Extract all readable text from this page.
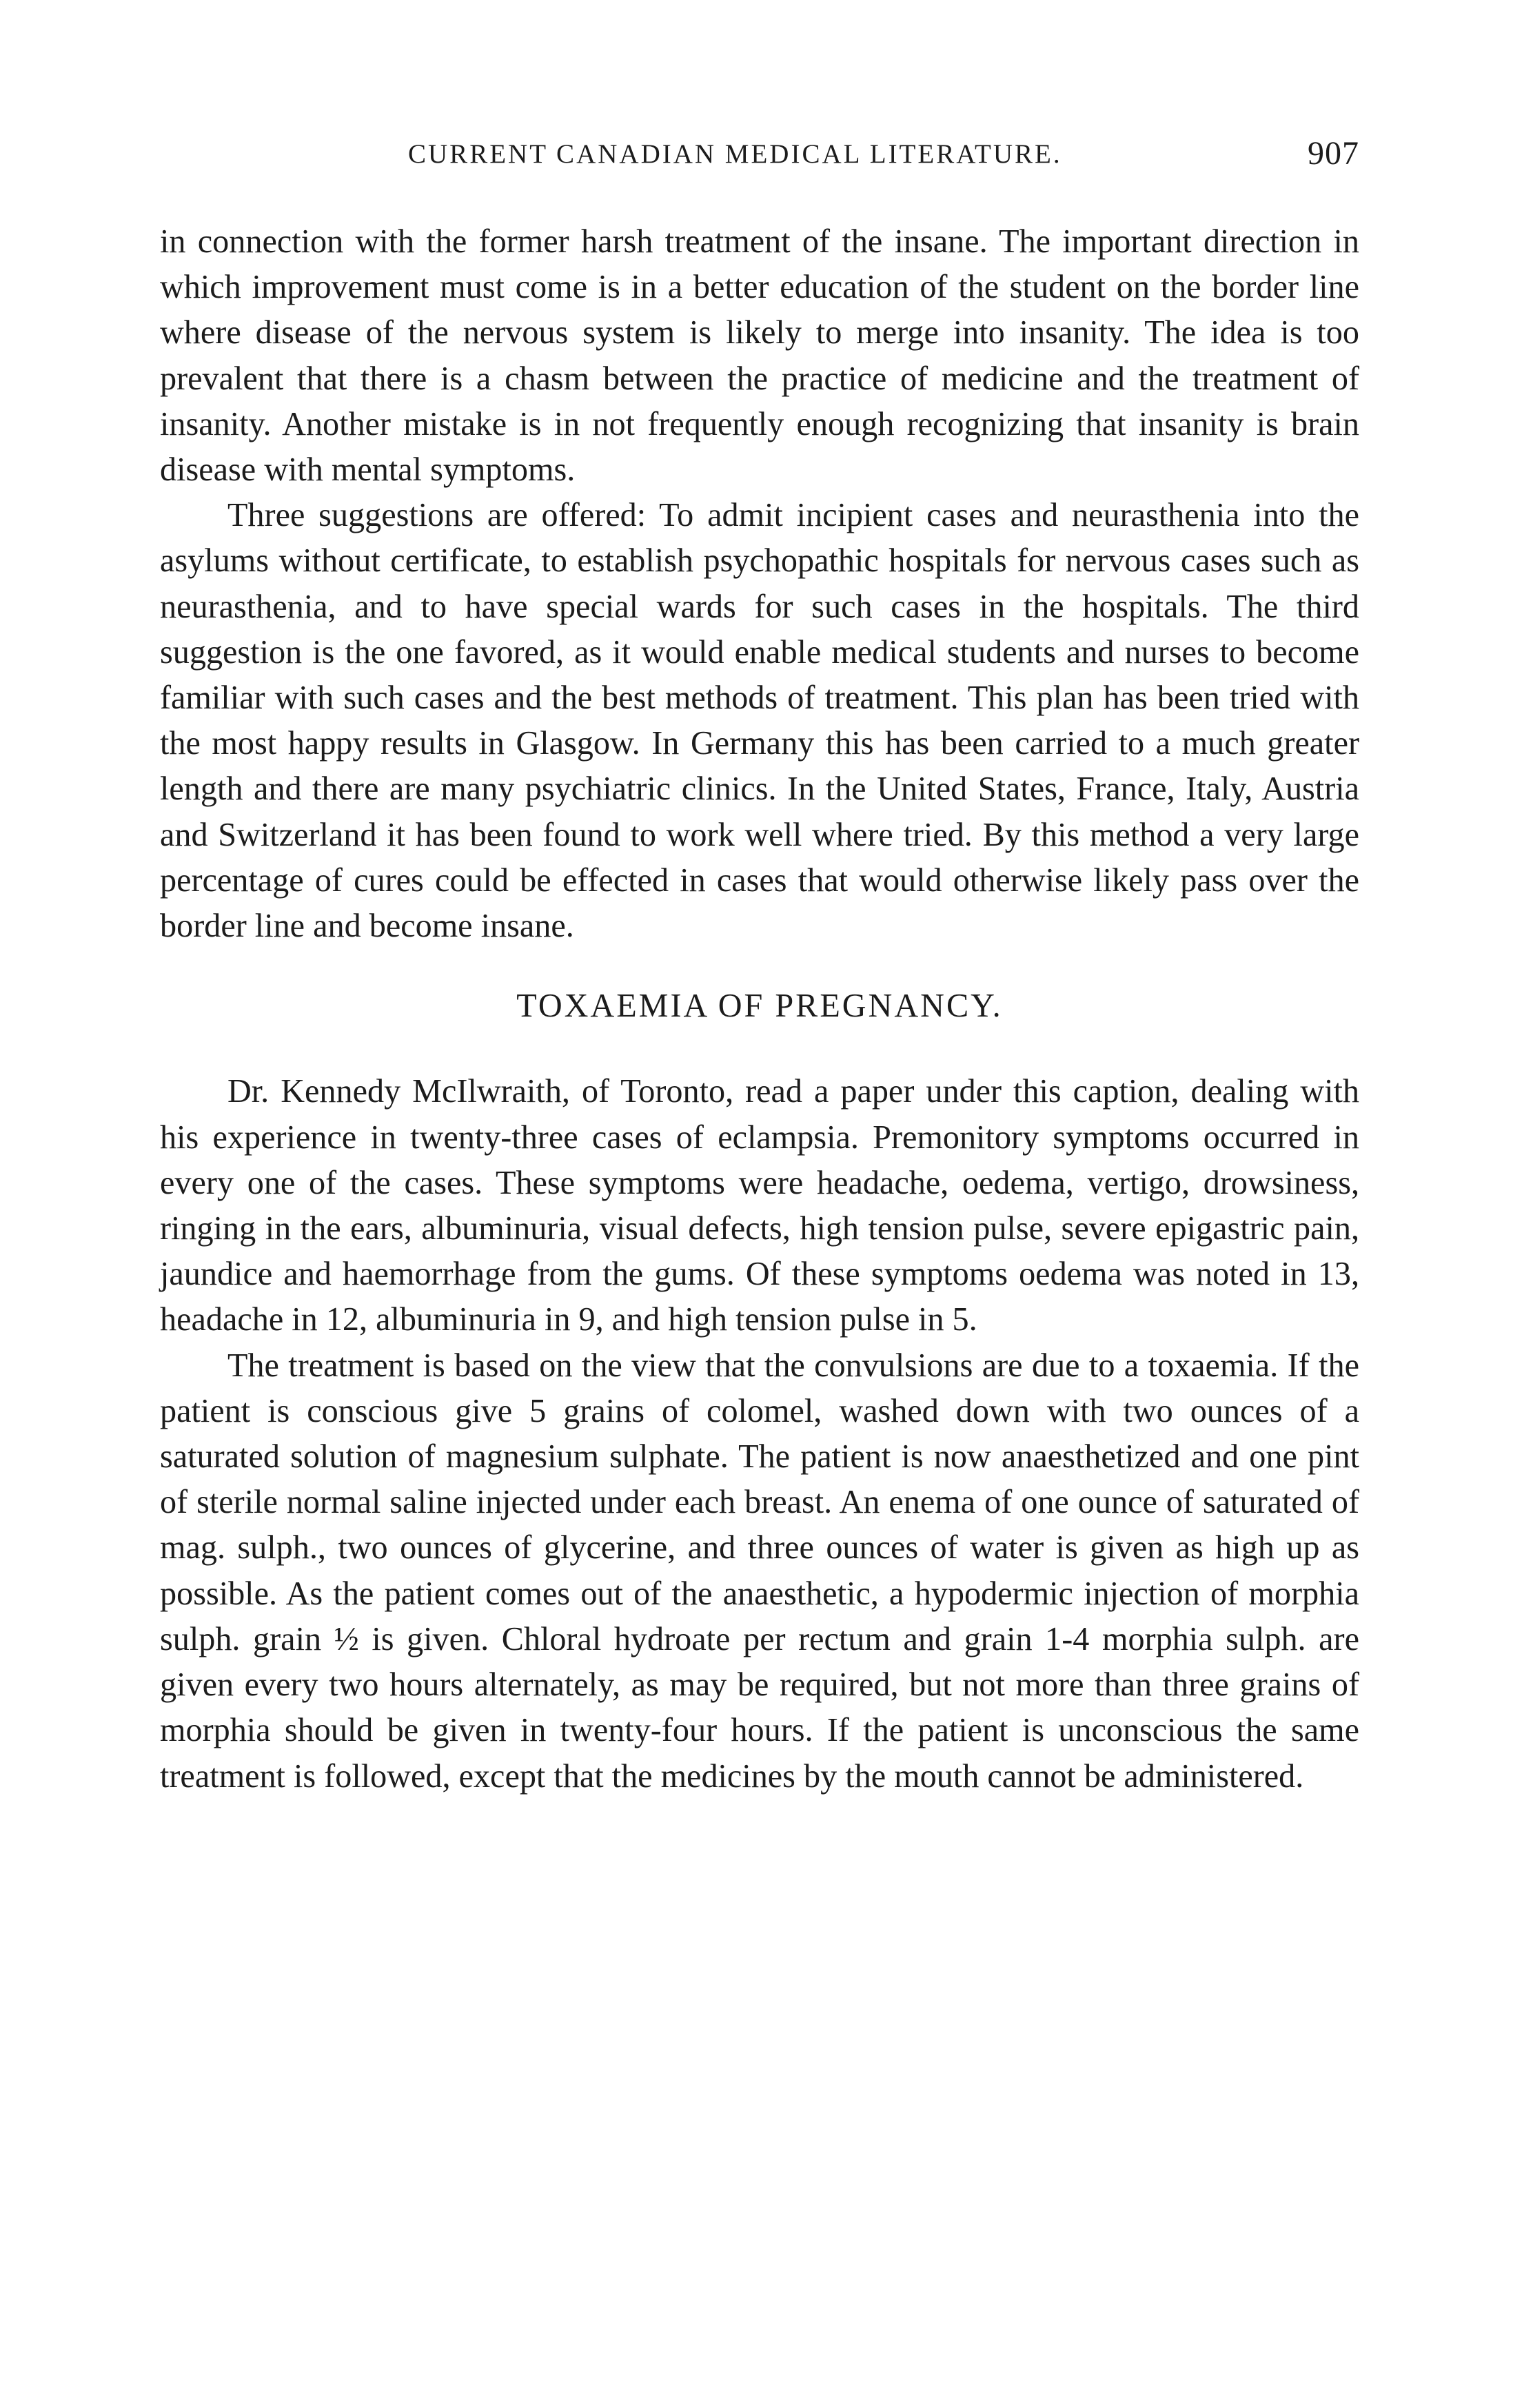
CURRENT CANADIAN MEDICAL LITERATURE.	907

in connection with the former harsh treatment of the insane. The important direction in which improvement must come is in a better education of the student on the border line where disease of the nervous system is likely to merge into insanity. The idea is too prevalent that there is a chasm between the practice of medicine and the treatment of insanity. Another mistake is in not frequently enough recognizing that insanity is brain disease with mental symptoms.

Three suggestions are offered: To admit incipient cases and neurasthenia into the asylums without certificate, to establish psychopathic hospitals for nervous cases such as neurasthenia, and to have special wards for such cases in the hospitals. The third suggestion is the one favored, as it would enable medical students and nurses to become familiar with such cases and the best methods of treatment. This plan has been tried with the most happy results in Glasgow. In Germany this has been carried to a much greater length and there are many psychiatric clinics. In the United States, France, Italy, Austria and Switzerland it has been found to work well where tried. By this method a very large percentage of cures could be effected in cases that would otherwise likely pass over the border line and become insane.

TOXAEMIA OF PREGNANCY.

Dr. Kennedy McIlwraith, of Toronto, read a paper under this caption, dealing with his experience in twenty-three cases of eclampsia. Premonitory symptoms occurred in every one of the cases. These symptoms were headache, oedema, vertigo, drowsiness, ringing in the ears, albuminuria, visual defects, high tension pulse, severe epigastric pain, jaundice and haemorrhage from the gums. Of these symptoms oedema was noted in 13, headache in 12, albuminuria in 9, and high tension pulse in 5.

The treatment is based on the view that the convulsions are due to a toxaemia. If the patient is conscious give 5 grains of colomel, washed down with two ounces of a saturated solution of magnesium sulphate. The patient is now anaesthetized and one pint of sterile normal saline injected under each breast. An enema of one ounce of saturated of mag. sulph., two ounces of glycerine, and three ounces of water is given as high up as possible. As the patient comes out of the anaesthetic, a hypodermic injection of morphia sulph. grain ½ is given. Chloral hydroate per rectum and grain 1-4 morphia sulph. are given every two hours alternately, as may be required, but not more than three grains of morphia should be given in twenty-four hours. If the patient is unconscious the same treatment is followed, except that the medicines by the mouth cannot be administered.
